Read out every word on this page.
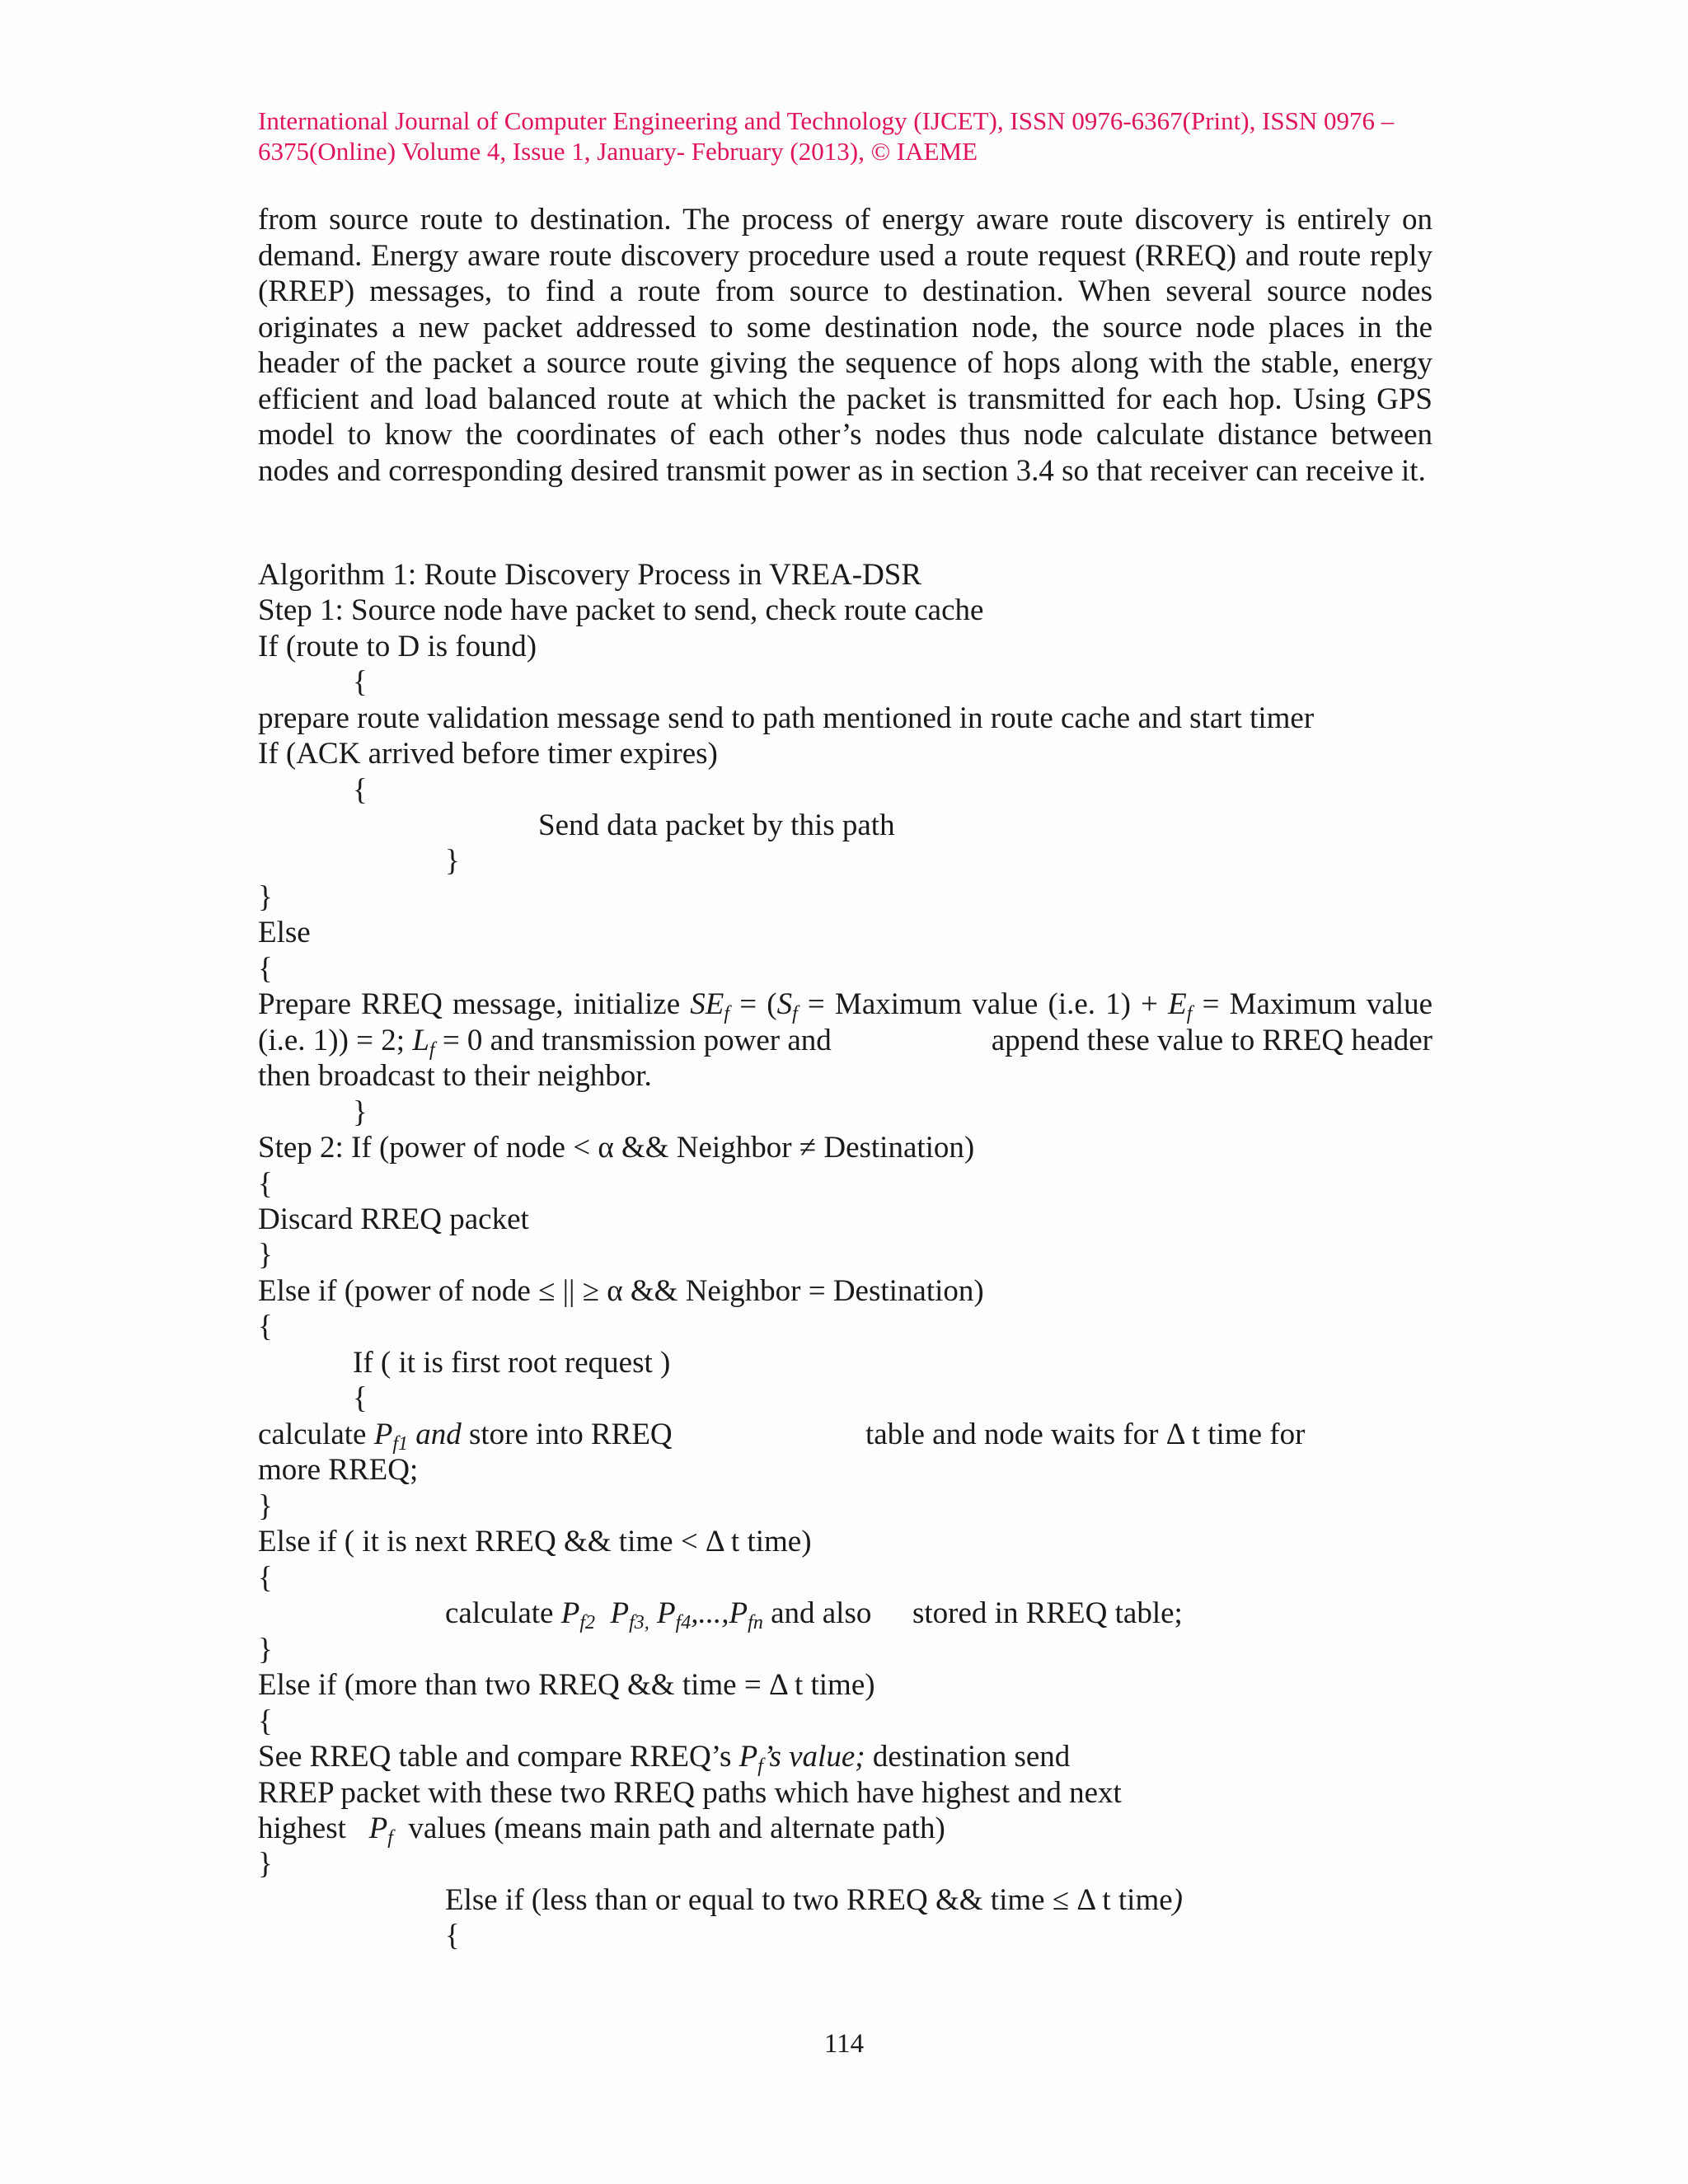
International Journal of Computer Engineering and Technology (IJCET), ISSN 0976-6367(Print), ISSN 0976 –
6375(Online) Volume 4, Issue 1, January- February (2013), © IAEME
from source route to destination. The process of energy aware route discovery is entirely on demand. Energy aware route discovery procedure used a route request (RREQ) and route reply (RREP) messages, to find a route from source to destination. When several source nodes originates a new packet addressed to some destination node, the source node places in the header of the packet a source route giving the sequence of hops along with the stable, energy efficient and load balanced route at which the packet is transmitted for each hop. Using GPS model to know the coordinates of each other’s nodes thus node calculate distance between nodes and corresponding desired transmit power as in section 3.4 so that receiver can receive it.
Algorithm 1: Route Discovery Process in VREA-DSR
Step 1: Source node have packet to send, check route cache
If (route to D is found)
{
prepare route validation message send to path mentioned in route cache and start timer
If (ACK arrived before timer expires)
{
Send data packet by this path
}
}
Else
{
Prepare RREQ message, initialize $SE_f = (S_f$ = Maximum value (i.e. $1) + E_f$ = Maximum value
(i.e. 1)) = 2; $L_f = 0$ and transmission power and	append these value to RREQ header
then broadcast to their neighbor.
}
Step 2: If (power of node < α && Neighbor ≠ Destination)
{
Discard RREQ packet
}
Else if (power of node ≤ || ≥ α && Neighbor = Destination)
{
If ( it is first root request )
{
calculate $P_{f1}$ and store into RREQ	table and node waits for Δ t time for
more RREQ;
}
Else if ( it is next RREQ && time < Δ t time)
{
calculate $P_{f2}$ $P_{f3,}$ $P_{f4},...,P_{fn}$ and also stored in RREQ table;
}
Else if (more than two RREQ && time = Δ t time)
{
See RREQ table and compare RREQ’s $P_f’s$ value; destination send
RREP packet with these two RREQ paths which have highest and next
highest $P_f$ values (means main path and alternate path)
}
Else if (less than or equal to two RREQ && time ≤ Δ t time)
{
114
